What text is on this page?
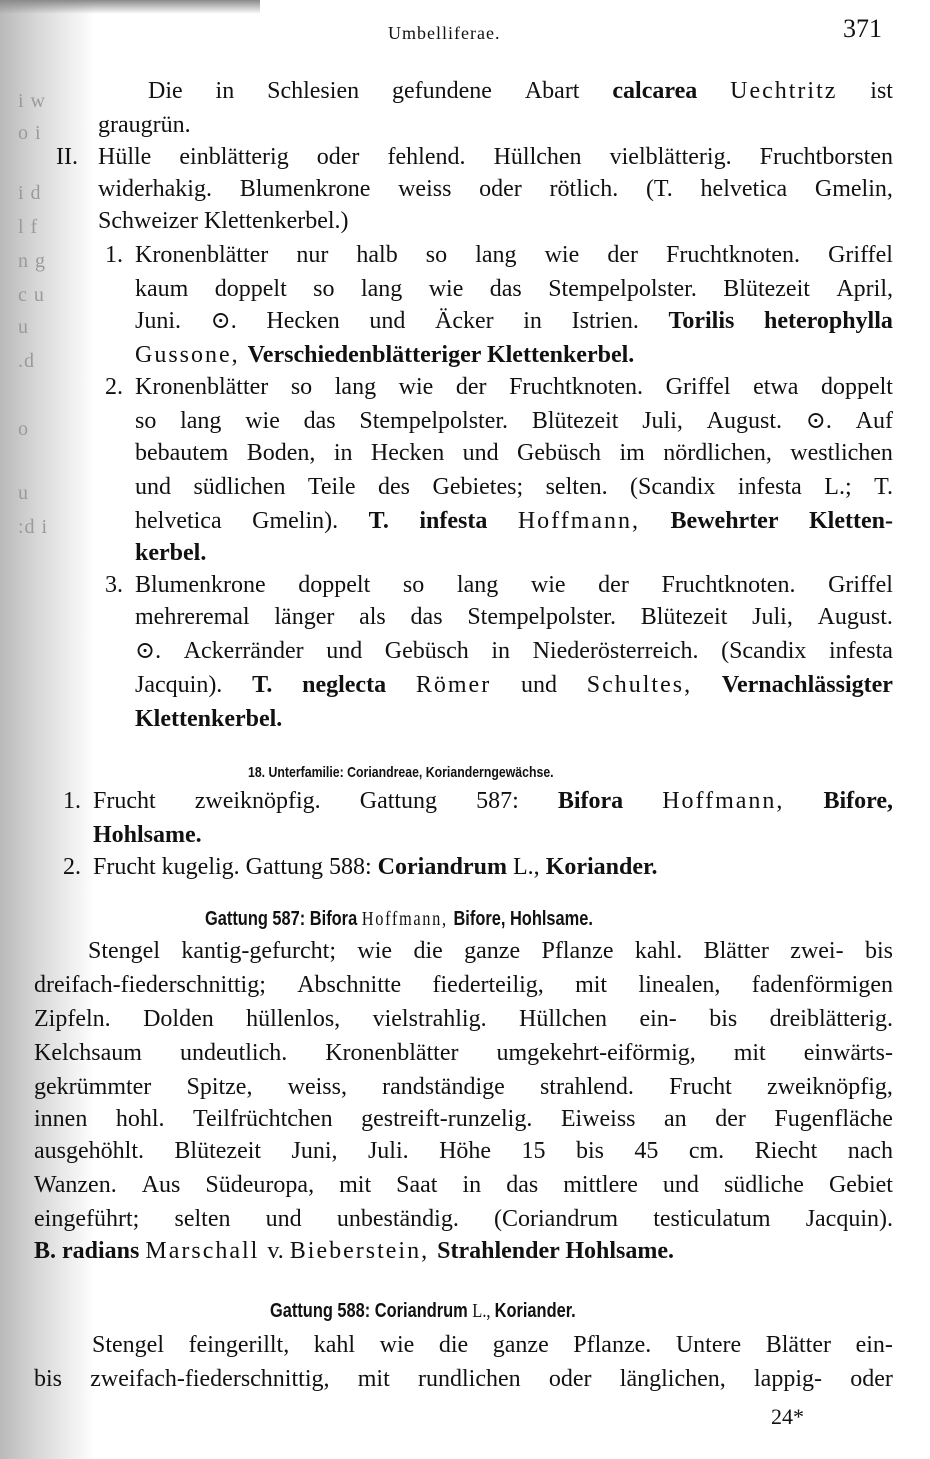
i w
o i
i d
l f
n g
c u
u
.d
o
u
:d i
Umbelliferae.	371
Die in Schlesien gefundene Abart calcarea Uechtritz ist
graugrün.
II. Hülle einblätterig oder fehlend. Hüllchen vielblätterig. Fruchtborsten
widerhakig. Blumenkrone weiss oder rötlich. (T. helvetica Gmelin,
Schweizer Klettenkerbel.)
1. Kronenblätter nur halb so lang wie der Fruchtknoten. Griffel
kaum doppelt so lang wie das Stempelpolster. Blütezeit April,
Juni. ⊙. Hecken und Äcker in Istrien. Torilis heterophylla
Gussone, Verschiedenblätteriger Klettenkerbel.
2. Kronenblätter so lang wie der Fruchtknoten. Griffel etwa doppelt
so lang wie das Stempelpolster. Blütezeit Juli, August. ⊙. Auf
bebautem Boden, in Hecken und Gebüsch im nördlichen, westlichen
und südlichen Teile des Gebietes; selten. (Scandix infesta L.; T.
helvetica Gmelin). T. infesta Hoffmann, Bewehrter Kletten-
kerbel.
3. Blumenkrone doppelt so lang wie der Fruchtknoten. Griffel
mehreremal länger als das Stempelpolster. Blütezeit Juli, August.
⊙. Ackerränder und Gebüsch in Niederösterreich. (Scandix infesta
Jacquin). T. neglecta Römer und Schultes, Vernachlässigter
Klettenkerbel.
18. Unterfamilie: Coriandreae, Korianderngewächse.
1. Frucht zweiknöpfig. Gattung 587: Bifora Hoffmann, Bifore,
Hohlsame.
2. Frucht kugelig. Gattung 588: Coriandrum L., Koriander.
Gattung 587: Bifora Hoffmann, Bifore, Hohlsame.
Stengel kantig-gefurcht; wie die ganze Pflanze kahl. Blätter zwei- bis
dreifach-fiederschnittig; Abschnitte fiederteilig, mit linealen, fadenförmigen
Zipfeln. Dolden hüllenlos, vielstrahlig. Hüllchen ein- bis dreiblätterig.
Kelchsaum undeutlich. Kronenblätter umgekehrt-eiförmig, mit einwärts-
gekrümmter Spitze, weiss, randständige strahlend. Frucht zweiknöpfig,
innen hohl. Teilfrüchtchen gestreift-runzelig. Eiweiss an der Fugenfläche
ausgehöhlt. Blütezeit Juni, Juli. Höhe 15 bis 45 cm. Riecht nach
Wanzen. Aus Südeuropa, mit Saat in das mittlere und südliche Gebiet
eingeführt; selten und unbeständig. (Coriandrum testiculatum Jacquin).
B. radians Marschall v. Bieberstein, Strahlender Hohlsame.
Gattung 588: Coriandrum L., Koriander.
Stengel feingerillt, kahl wie die ganze Pflanze. Untere Blätter ein-
bis zweifach-fiederschnittig, mit rundlichen oder länglichen, lappig- oder
24*
